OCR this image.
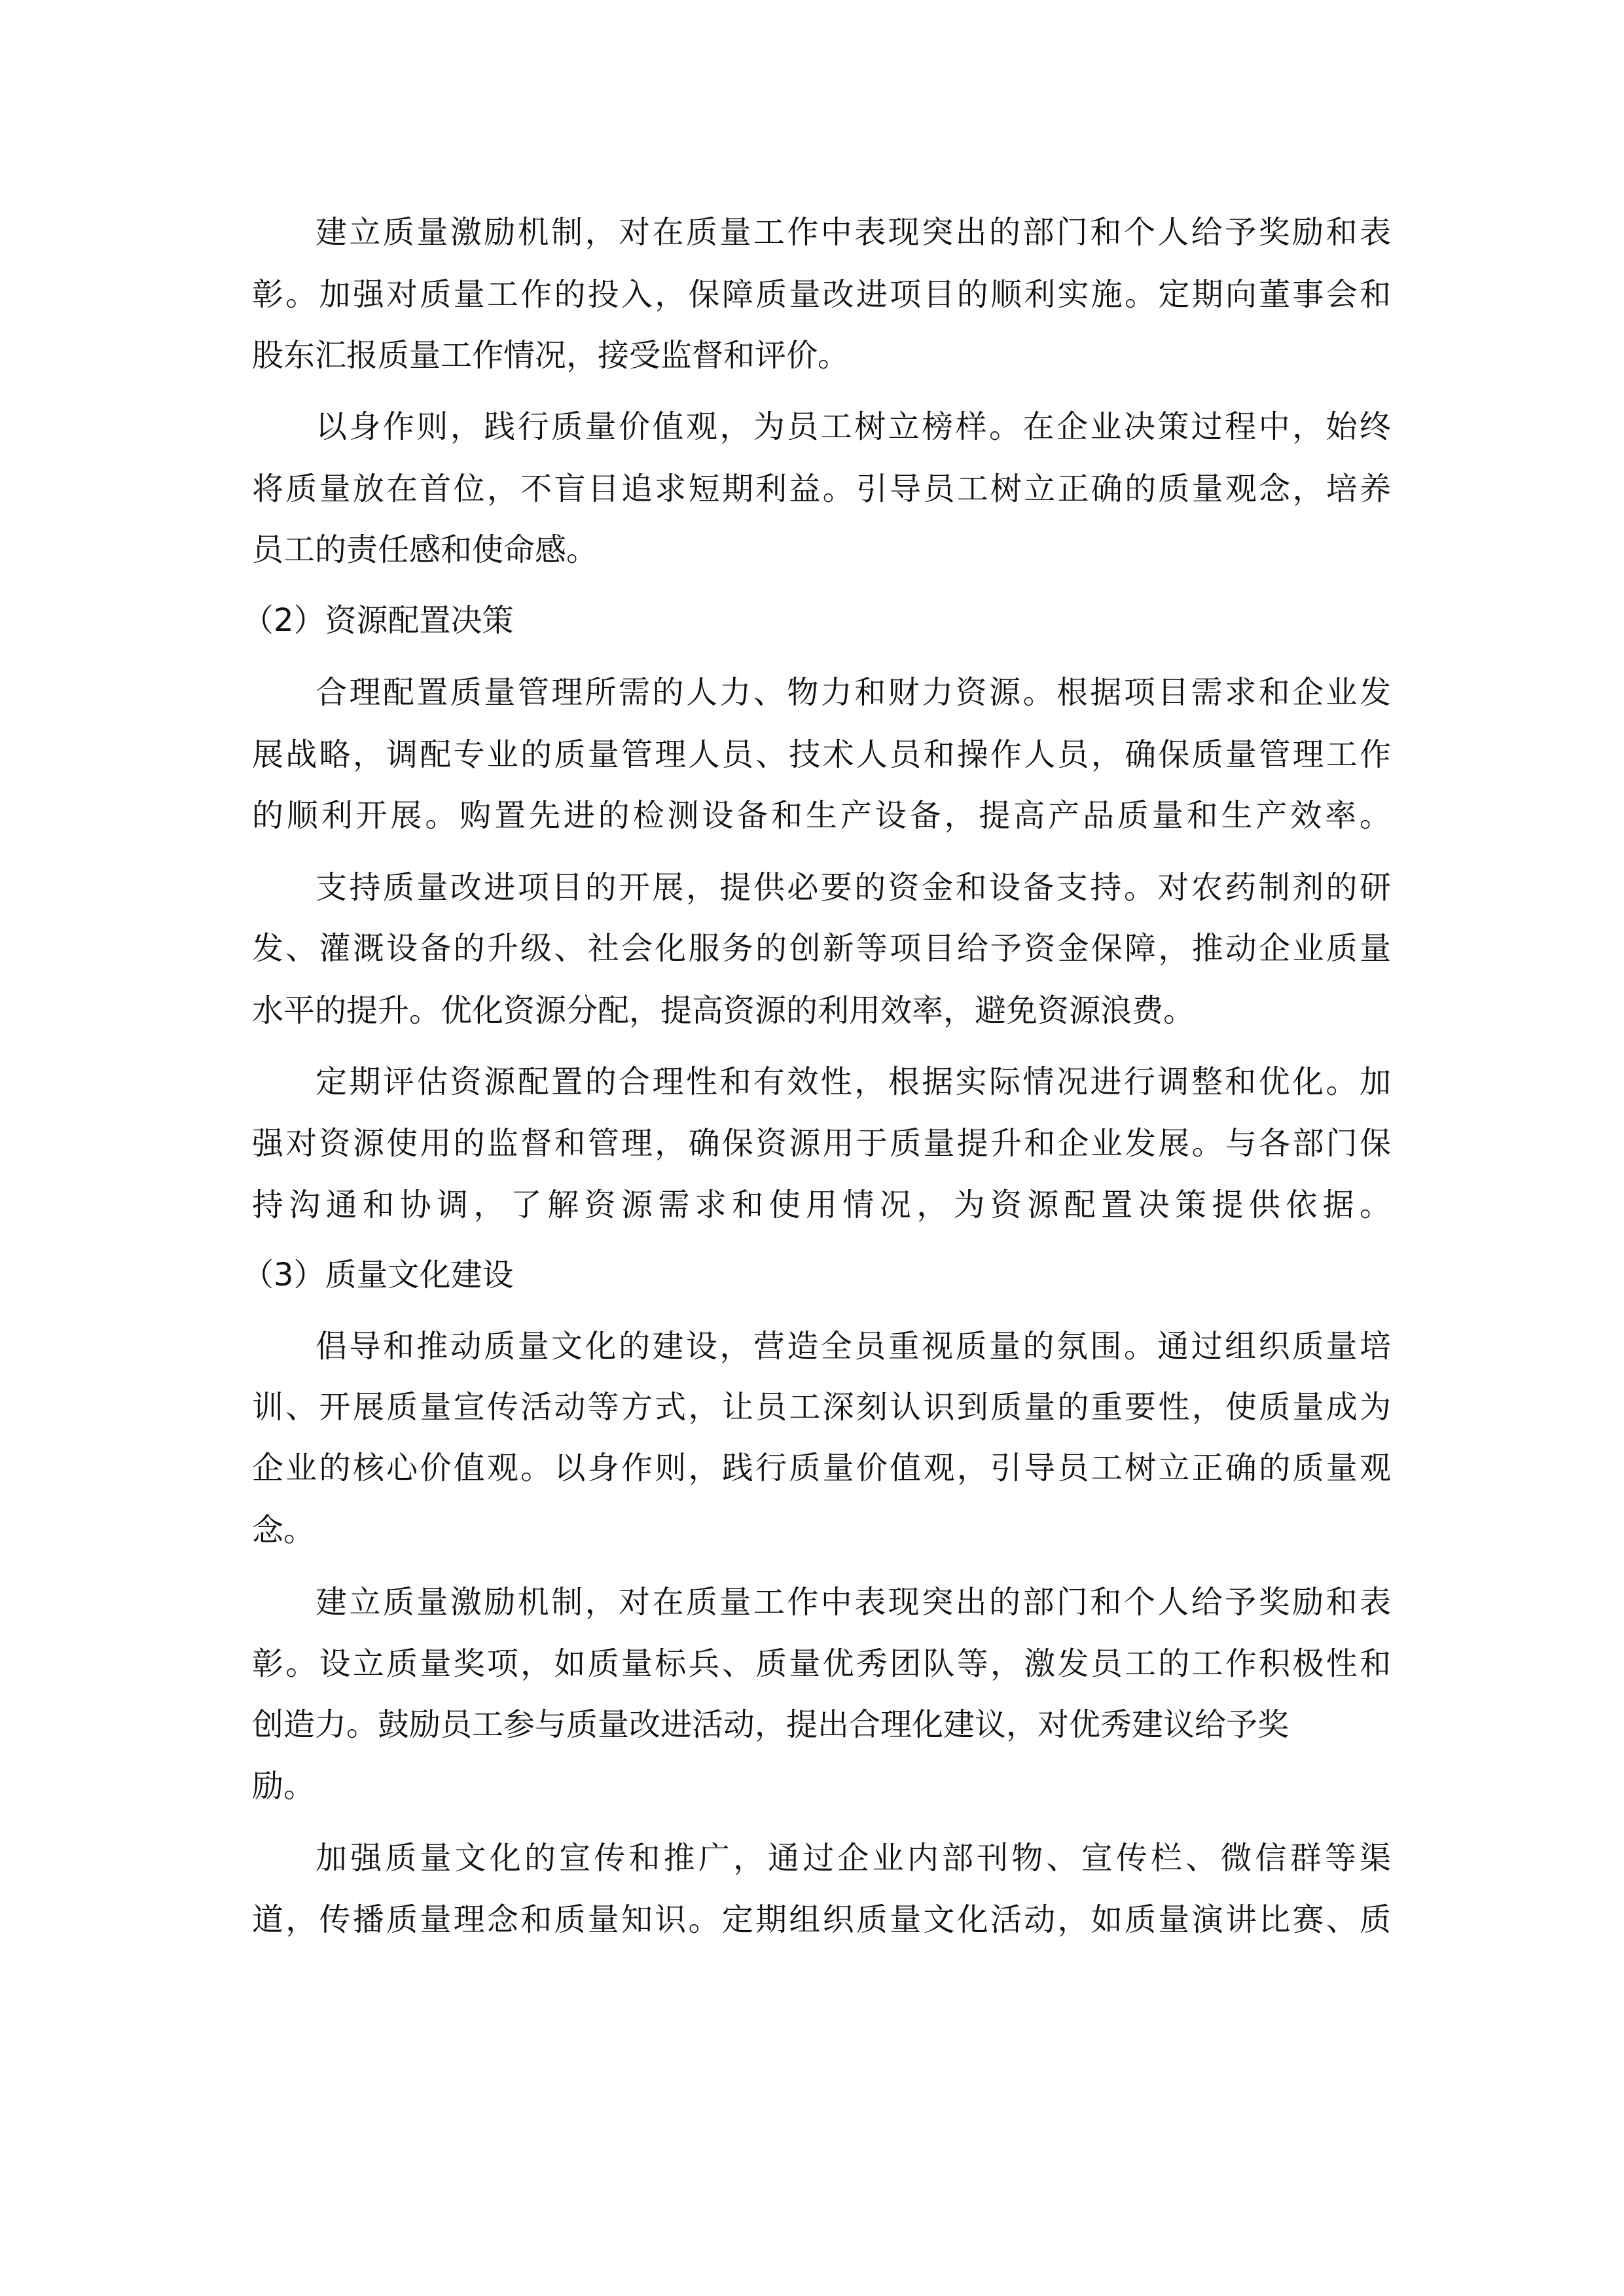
建立质量激励机制，对在质量工作中表现突出的部门和个人给予奖励和表
彰。加强对质量工作的投入，保障质量改进项目的顺利实施。定期向董事会和
股东汇报质量工作情况，接受监督和评价。
以身作则，践行质量价值观，为员工树立榜样。在企业决策过程中，始终
将质量放在首位，不盲目追求短期利益。引导员工树立正确的质量观念，培养
员工的责任感和使命感。
（2）资源配置决策
合理配置质量管理所需的人力、物力和财力资源。根据项目需求和企业发
展战略，调配专业的质量管理人员、技术人员和操作人员，确保质量管理工作
的顺利开展。购置先进的检测设备和生产设备，提高产品质量和生产效率。
支持质量改进项目的开展，提供必要的资金和设备支持。对农药制剂的研
发、灌溉设备的升级、社会化服务的创新等项目给予资金保障，推动企业质量
水平的提升。优化资源分配，提高资源的利用效率，避免资源浪费。
定期评估资源配置的合理性和有效性，根据实际情况进行调整和优化。加
强对资源使用的监督和管理，确保资源用于质量提升和企业发展。与各部门保
持沟通和协调，了解资源需求和使用情况，为资源配置决策提供依据。
（3）质量文化建设
倡导和推动质量文化的建设，营造全员重视质量的氛围。通过组织质量培
训、开展质量宣传活动等方式，让员工深刻认识到质量的重要性，使质量成为
企业的核心价值观。以身作则，践行质量价值观，引导员工树立正确的质量观
念。
建立质量激励机制，对在质量工作中表现突出的部门和个人给予奖励和表
彰。设立质量奖项，如质量标兵、质量优秀团队等，激发员工的工作积极性和
创造力。鼓励员工参与质量改进活动，提出合理化建议，对优秀建议给予奖
励。
加强质量文化的宣传和推广，通过企业内部刊物、宣传栏、微信群等渠
道，传播质量理念和质量知识。定期组织质量文化活动，如质量演讲比赛、质
